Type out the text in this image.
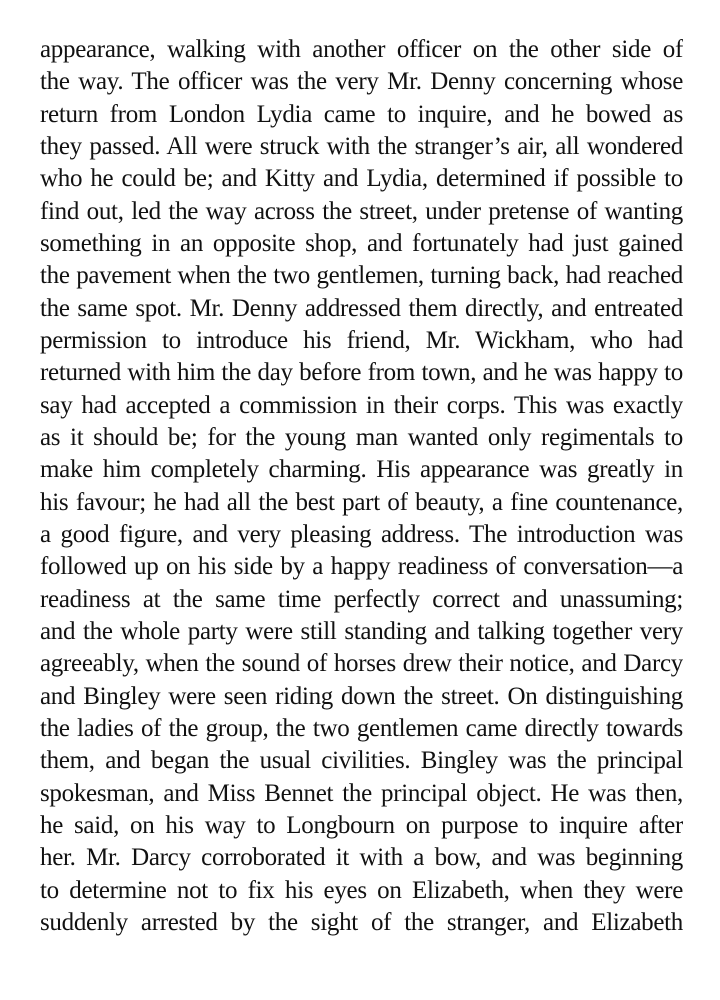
appearance, walking with another officer on the other side of
the way. The officer was the very Mr. Denny concerning whose
return from London Lydia came to inquire, and he bowed as
they passed. All were struck with the stranger’s air, all wondered
who he could be; and Kitty and Lydia, determined if possible to
find out, led the way across the street, under pretense of wanting
something in an opposite shop, and fortunately had just gained
the pavement when the two gentlemen, turning back, had reached
the same spot. Mr. Denny addressed them directly, and entreated
permission to introduce his friend, Mr. Wickham, who had
returned with him the day before from town, and he was happy to
say had accepted a commission in their corps. This was exactly
as it should be; for the young man wanted only regimentals to
make him completely charming. His appearance was greatly in
his favour; he had all the best part of beauty, a fine countenance,
a good figure, and very pleasing address. The introduction was
followed up on his side by a happy readiness of conversation—a
readiness at the same time perfectly correct and unassuming;
and the whole party were still standing and talking together very
agreeably, when the sound of horses drew their notice, and Darcy
and Bingley were seen riding down the street. On distinguishing
the ladies of the group, the two gentlemen came directly towards
them, and began the usual civilities. Bingley was the principal
spokesman, and Miss Bennet the principal object. He was then,
he said, on his way to Longbourn on purpose to inquire after
her. Mr. Darcy corroborated it with a bow, and was beginning
to determine not to fix his eyes on Elizabeth, when they were
suddenly arrested by the sight of the stranger, and Elizabeth
